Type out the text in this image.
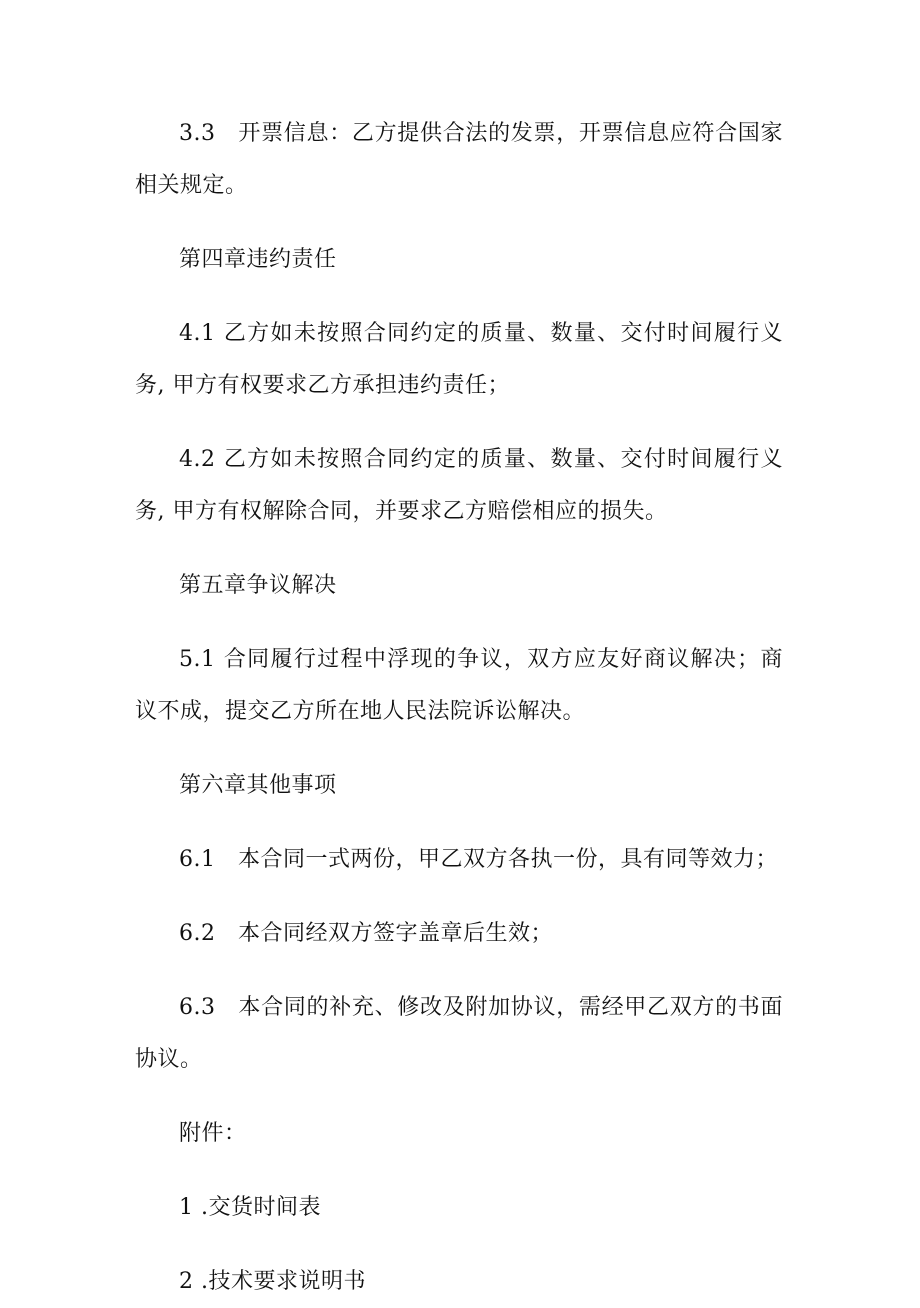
3.3　开票信息：乙方提供合法的发票，开票信息应符合国家相关规定。

第四章违约责任

4.1 乙方如未按照合同约定的质量、数量、交付时间履行义务, 甲方有权要求乙方承担违约责任；

4.2 乙方如未按照合同约定的质量、数量、交付时间履行义务, 甲方有权解除合同，并要求乙方赔偿相应的损失。

第五章争议解决

5.1 合同履行过程中浮现的争议，双方应友好商议解决；商议不成，提交乙方所在地人民法院诉讼解决。

第六章其他事项

6.1　本合同一式两份，甲乙双方各执一份，具有同等效力；

6.2　本合同经双方签字盖章后生效；

6.3　本合同的补充、修改及附加协议，需经甲乙双方的书面协议。

附件：

1 .交货时间表

2 .技术要求说明书
